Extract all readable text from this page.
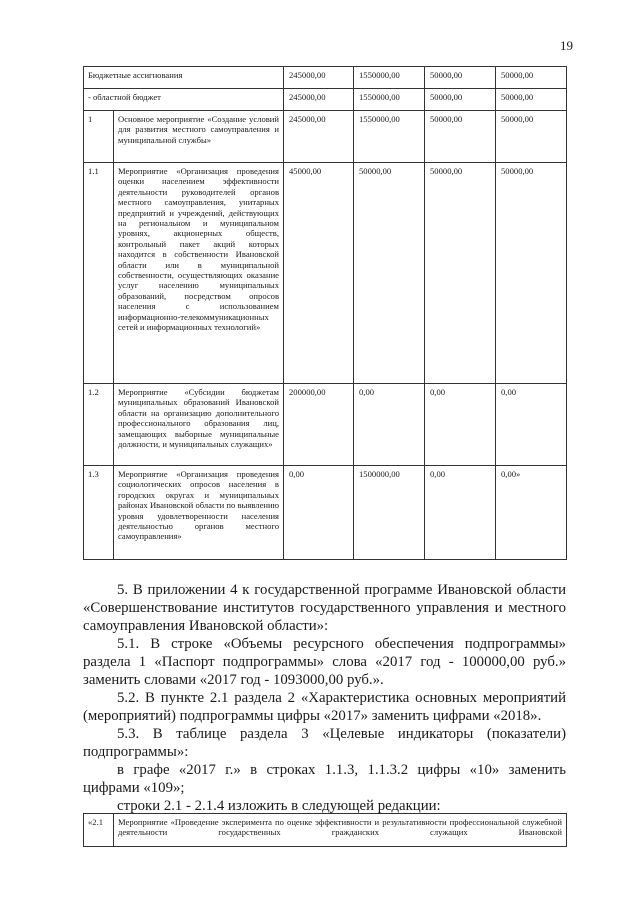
19
Бюджетные ассигнования		245000,00	1550000,00	50000,00	50000,00
- областной бюджет		245000,00	1550000,00	50000,00	50000,00
1	Основное мероприятие «Создание условий для развития местного самоуправления и муниципальной службы»	245000,00	1550000,00	50000,00	50000,00
1.1	Мероприятие «Организация проведения оценки населением эффективности деятельности руководителей органов местного самоуправления, унитарных предприятий и учреждений, действующих на региональном и муниципальном уровнях, акционерных обществ, контрольный пакет акций которых находится в собственности Ивановской области или в муниципальной собственности, осуществляющих оказание услуг населению муниципальных образований, посредством опросов населения с использованием информационно-телекоммуникационных сетей и информационных технологий»	45000,00	50000,00	50000,00	50000,00
1.2	Мероприятие «Субсидии бюджетам муниципальных образований Ивановской области на организацию дополнительного профессионального образования лиц, замещающих выборные муниципальные должности, и муниципальных служащих»	200000,00	0,00	0,00	0,00
1.3	Мероприятие «Организация проведения социологических опросов населения в городских округах и муниципальных районах Ивановской области по выявлению уровня удовлетворенности населения деятельностью органов местного самоуправления»	0,00	1500000,00	0,00	0,00»

5. В приложении 4 к государственной программе Ивановской области «Совершенствование институтов государственного управления и местного самоуправления Ивановской области»:

5.1. В строке «Объемы ресурсного обеспечения подпрограммы» раздела 1 «Паспорт подпрограммы» слова «2017 год - 100000,00 руб.» заменить словами «2017 год - 1093000,00 руб.».

5.2. В пункте 2.1 раздела 2 «Характеристика основных мероприятий (мероприятий) подпрограммы цифры «2017» заменить цифрами «2018».

5.3. В таблице раздела 3 «Целевые индикаторы (показатели) подпрограммы»:

в графе «2017 г.» в строках 1.1.3, 1.1.3.2 цифры «10» заменить цифрами «109»;

строки 2.1 - 2.1.4 изложить в следующей редакции:

«2.1	Мероприятие «Проведение эксперимента по оценке эффективности и результативности профессиональной служебной деятельности государственных гражданских служащих Ивановской
